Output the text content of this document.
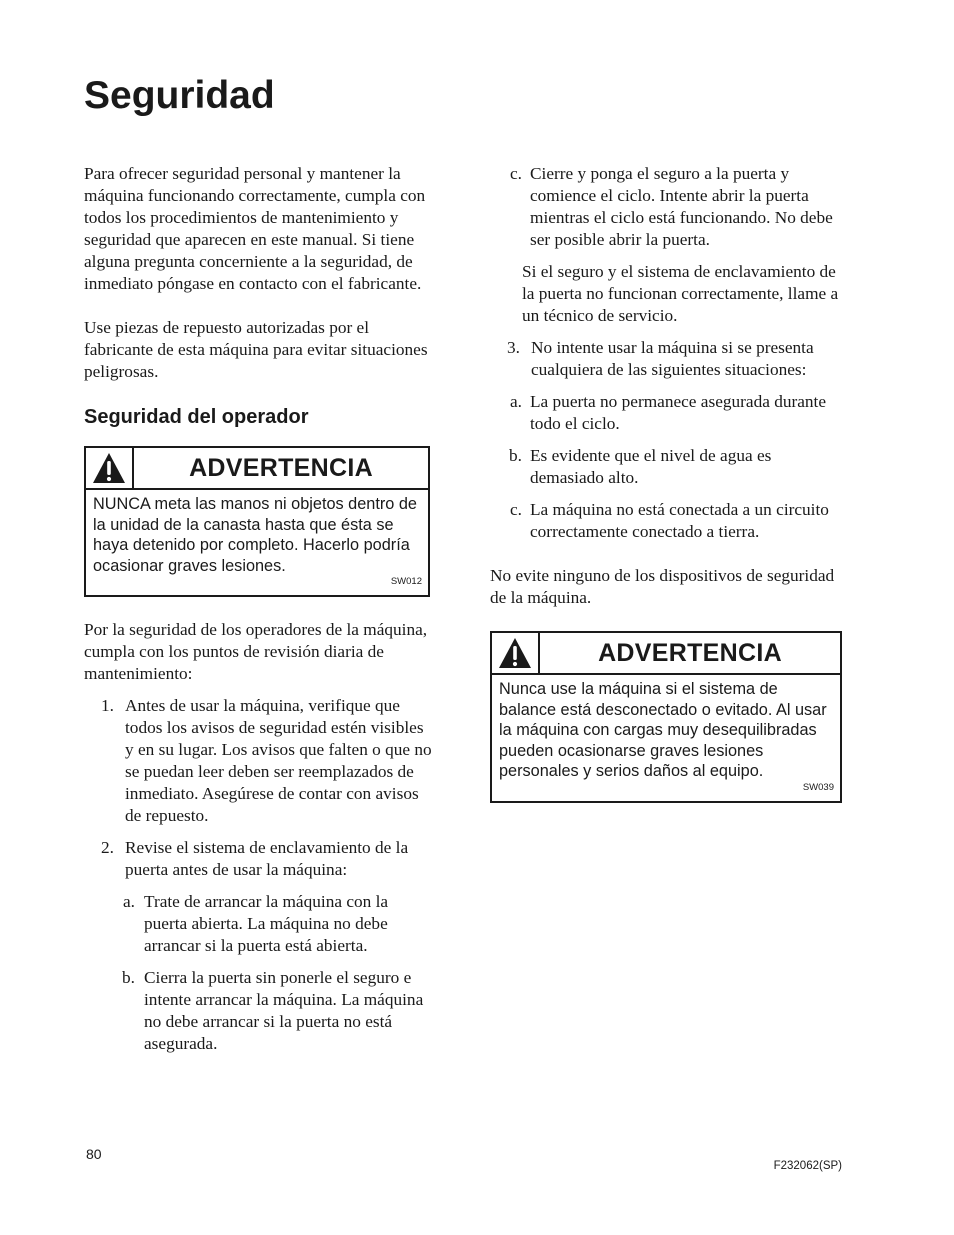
Seguridad

Para ofrecer seguridad personal y mantener la máquina funcionando correctamente, cumpla con todos los procedimientos de mantenimiento y seguridad que aparecen en este manual. Si tiene alguna pregunta concerniente a la seguridad, de inmediato póngase en contacto con el fabricante.

Use piezas de repuesto autorizadas por el fabricante de esta máquina para evitar situaciones peligrosas.

Seguridad del operador
ADVERTENCIA
NUNCA meta las manos ni objetos dentro de la unidad de la canasta hasta que ésta se haya detenido por completo. Hacerlo podría ocasionar graves lesiones.
SW012

Por la seguridad de los operadores de la máquina, cumpla con los puntos de revisión diaria de mantenimiento:

1. Antes de usar la máquina, verifique que todos los avisos de seguridad estén visibles y en su lugar. Los avisos que falten o que no se puedan leer deben ser reemplazados de inmediato. Asegúrese de contar con avisos de repuesto.
2. Revise el sistema de enclavamiento de la puerta antes de usar la máquina:
a. Trate de arrancar la máquina con la puerta abierta. La máquina no debe arrancar si la puerta está abierta.
b. Cierra la puerta sin ponerle el seguro e intente arrancar la máquina. La máquina no debe arrancar si la puerta no está asegurada.
c. Cierre y ponga el seguro a la puerta y comience el ciclo. Intente abrir la puerta mientras el ciclo está funcionando. No debe ser posible abrir la puerta.

Si el seguro y el sistema de enclavamiento de la puerta no funcionan correctamente, llame a un técnico de servicio.

3. No intente usar la máquina si se presenta cualquiera de las siguientes situaciones:
a. La puerta no permanece asegurada durante todo el ciclo.
b. Es evidente que el nivel de agua es demasiado alto.
c. La máquina no está conectada a un circuito correctamente conectado a tierra.

No evite ninguno de los dispositivos de seguridad de la máquina.

ADVERTENCIA
Nunca use la máquina si el sistema de balance está desconectado o evitado. Al usar la máquina con cargas muy desequilibradas pueden ocasionarse graves lesiones personales y serios daños al equipo.
SW039
80
F232062(SP)
